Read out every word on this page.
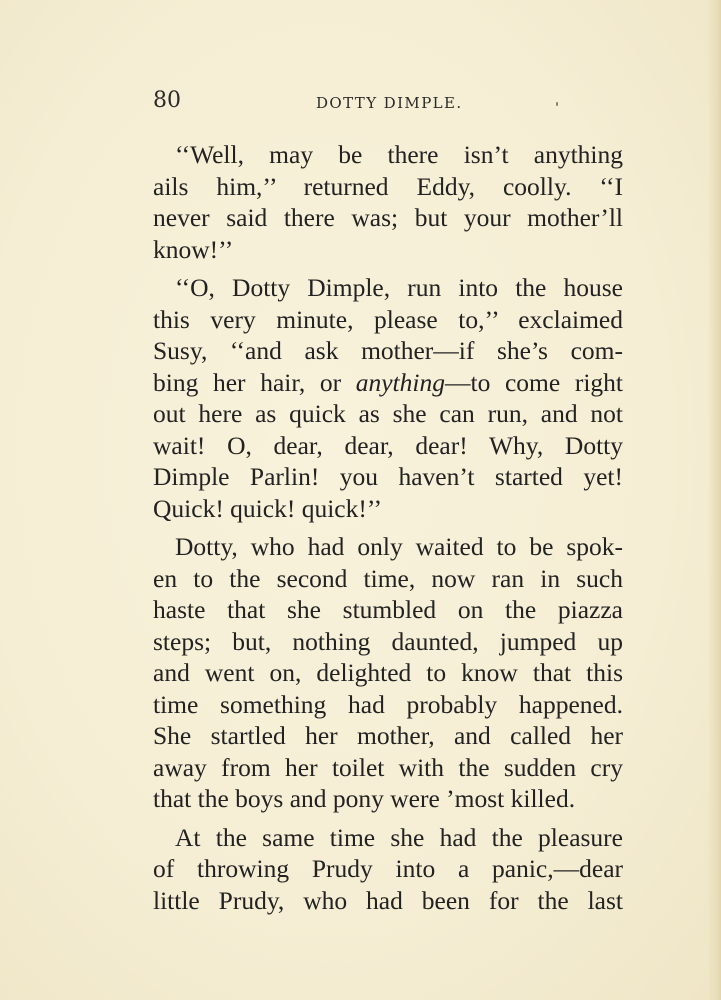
80	DOTTY DIMPLE.
‘‘Well, may be there isn’t anything
ails him,’’ returned Eddy, coolly. ‘‘I
never said there was; but your mother’ll
know!’’
‘‘O, Dotty Dimple, run into the house
this very minute, please to,’’ exclaimed
Susy, ‘‘and ask mother—if she’s com-
bing her hair, or anything—to come right
out here as quick as she can run, and not
wait! O, dear, dear, dear! Why, Dotty
Dimple Parlin! you haven’t started yet!
Quick! quick! quick!’’
Dotty, who had only waited to be spok-
en to the second time, now ran in such
haste that she stumbled on the piazza
steps; but, nothing daunted, jumped up
and went on, delighted to know that this
time something had probably happened.
She startled her mother, and called her
away from her toilet with the sudden cry
that the boys and pony were ’most killed.
At the same time she had the pleasure
of throwing Prudy into a panic,—dear
little Prudy, who had been for the last
